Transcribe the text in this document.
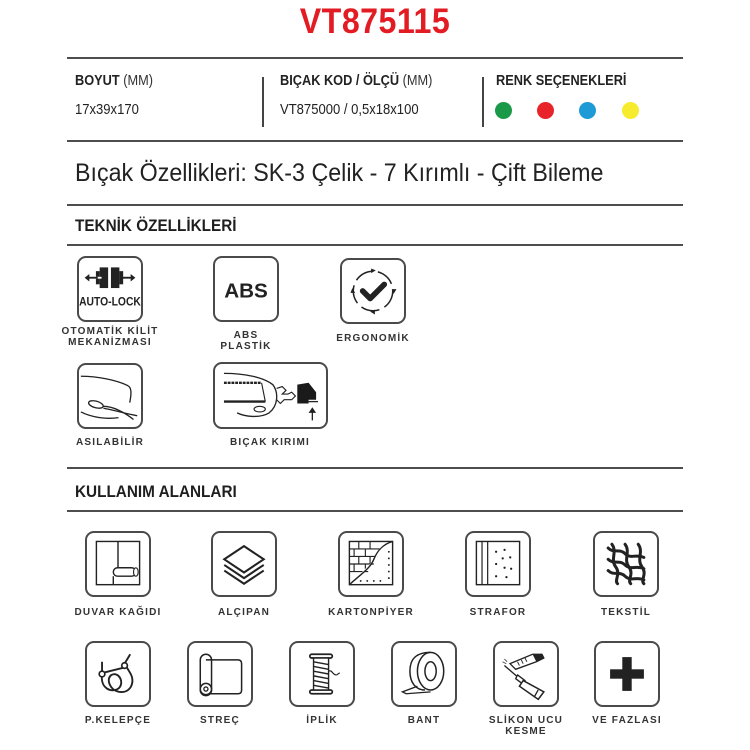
VT875115
BOYUT (MM)
17x39x170
BIÇAK KOD / ÖLÇÜ (MM)
VT875000 / 0,5x18x100
RENK SEÇENEKLERİ
Bıçak Özellikleri: SK-3 Çelik - 7 Kırımlı - Çift Bileme
TEKNİK ÖZELLİKLERİ
AUTO-LOCK
OTOMATİK KİLİT
MEKANİZMASI
ABS
ABS
PLASTİK
ERGONOMİK
ASILABİLİR	BIÇAK KIRIMI
KULLANIM ALANLARI
DUVAR KAĞIDI	ALÇIPAN	KARTONPİYER	STRAFOR	TEKSTİL
P.KELEPÇE	STREÇ	İPLİK	BANT	SLİKON UCU
KESME
VE FAZLASI
